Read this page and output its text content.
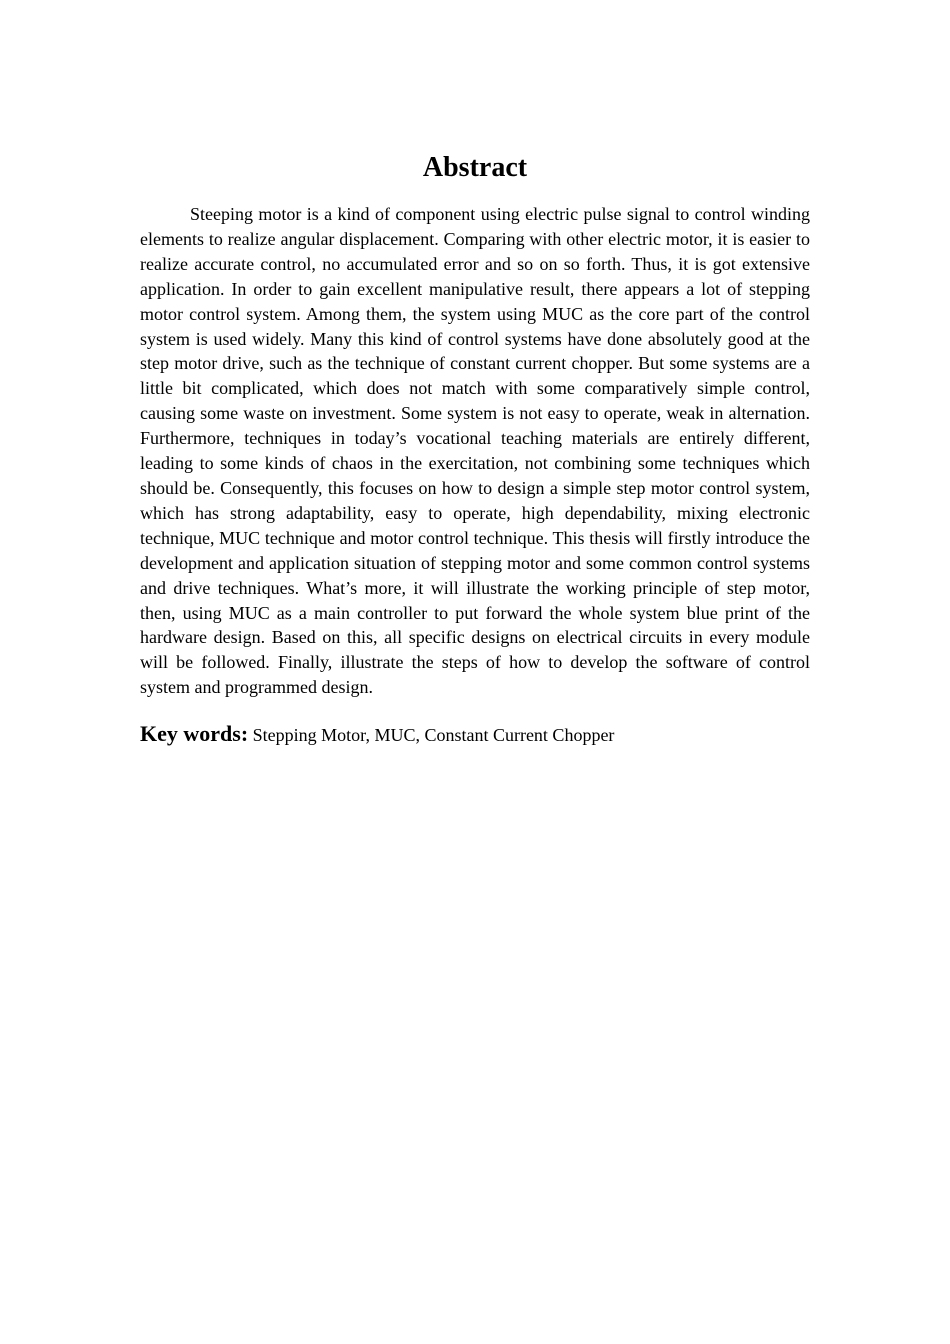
Abstract

Steeping motor is a kind of component using electric pulse signal to control winding elements to realize angular displacement. Comparing with other electric motor, it is easier to realize accurate control, no accumulated error and so on so forth. Thus, it is got extensive application. In order to gain excellent manipulative result, there appears a lot of stepping motor control system. Among them, the system using MUC as the core part of the control system is used widely. Many this kind of control systems have done absolutely good at the step motor drive, such as the technique of constant current chopper. But some systems are a little bit complicated, which does not match with some comparatively simple control, causing some waste on investment. Some system is not easy to operate, weak in alternation. Furthermore, techniques in today’s vocational teaching materials are entirely different, leading to some kinds of chaos in the exercitation, not combining some techniques which should be. Consequently, this focuses on how to design a simple step motor control system, which has strong adaptability, easy to operate, high dependability, mixing electronic technique, MUC technique and motor control technique. This thesis will firstly introduce the development and application situation of stepping motor and some common control systems and drive techniques. What’s more, it will illustrate the working principle of step motor, then, using MUC as a main controller to put forward the whole system blue print of the hardware design. Based on this, all specific designs on electrical circuits in every module will be followed. Finally, illustrate the steps of how to develop the software of control system and programmed design.

Key words: Stepping Motor, MUC, Constant Current Chopper
